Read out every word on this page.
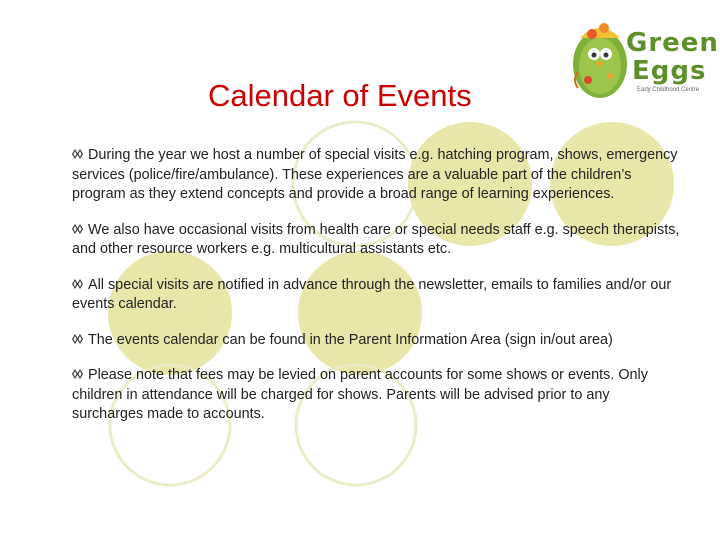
Calendar of Events
Green
Eggs
Early Childhood Centre

During the year we host a number of special visits e.g. hatching program, shows, emergency services (police/fire/ambulance). These experiences are a valuable part of the children’s program as they extend concepts and provide a broad range of learning experiences.

We also have occasional visits from health care or special needs staff e.g. speech therapists, and other resource workers e.g. multicultural assistants etc.

All special visits are notified in advance through the newsletter, emails to families and/or our events calendar.

The events calendar can be found in the Parent Information Area (sign in/out area)

Please note that fees may be levied on parent accounts for some shows or events. Only children in attendance will be charged for shows. Parents will be advised prior to any surcharges made to accounts.
